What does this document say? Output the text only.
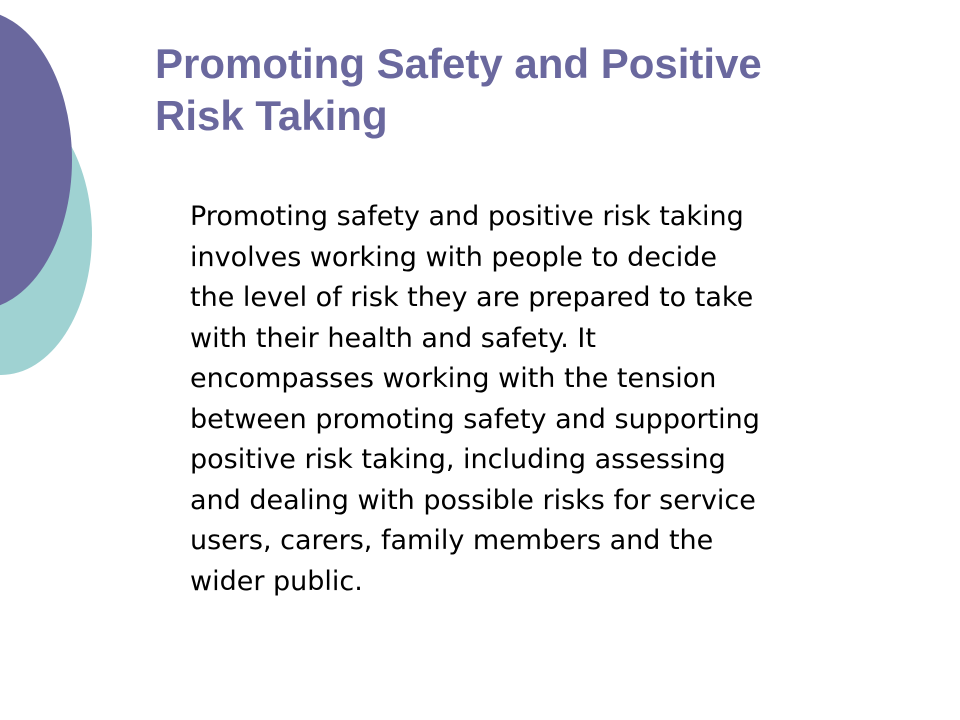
Promoting Safety and Positive
Risk Taking

Promoting safety and positive risk taking
involves working with people to decide
the level of risk they are prepared to take
with their health and safety. It
encompasses working with the tension
between promoting safety and supporting
positive risk taking, including assessing
and dealing with possible risks for service
users, carers, family members and the
wider public.
